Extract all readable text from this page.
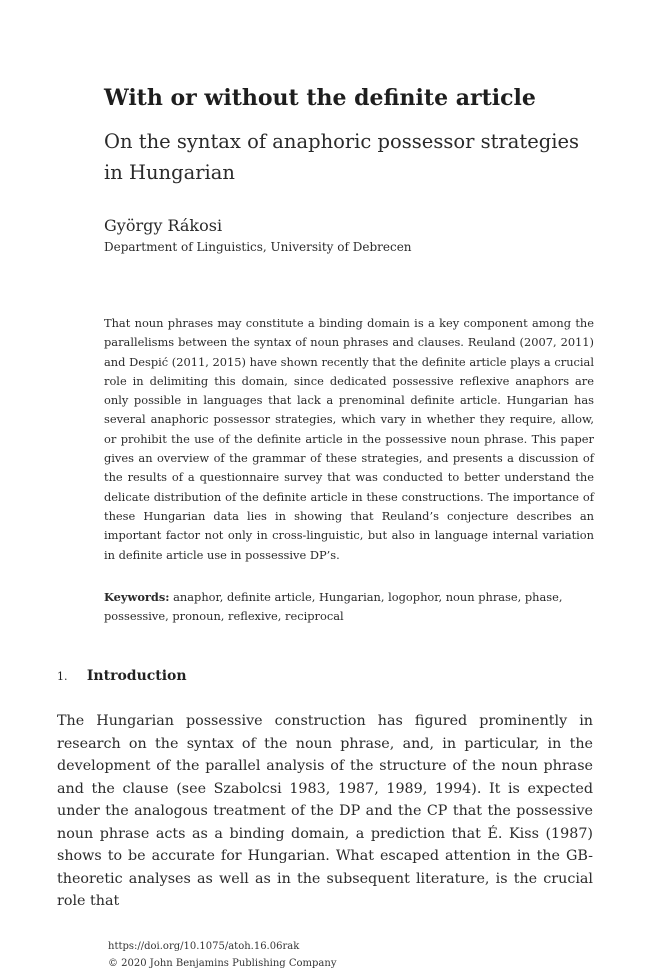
With or without the definite article
On the syntax of anaphoric possessor strategies in Hungarian
György Rákosi
Department of Linguistics, University of Debrecen

That noun phrases may constitute a binding domain is a key component among the parallelisms between the syntax of noun phrases and clauses. Reuland (2007, 2011) and Despić (2011, 2015) have shown recently that the definite article plays a crucial role in delimiting this domain, since dedicated possessive reflexive anaphors are only possible in languages that lack a prenominal definite article. Hungarian has several anaphoric possessor strategies, which vary in whether they require, allow, or prohibit the use of the definite article in the possessive noun phrase. This paper gives an overview of the grammar of these strategies, and presents a discussion of the results of a questionnaire survey that was conducted to better understand the delicate distribution of the definite article in these constructions. The importance of these Hungarian data lies in showing that Reuland’s conjecture describes an important factor not only in cross-linguistic, but also in language internal variation in definite article use in possessive DP’s.

Keywords: anaphor, definite article, Hungarian, logophor, noun phrase, phase, possessive, pronoun, reflexive, reciprocal
1. Introduction

The Hungarian possessive construction has figured prominently in research on the syntax of the noun phrase, and, in particular, in the development of the parallel analysis of the structure of the noun phrase and the clause (see Szabolcsi 1983, 1987, 1989, 1994). It is expected under the analogous treatment of the DP and the CP that the possessive noun phrase acts as a binding domain, a prediction that É. Kiss (1987) shows to be accurate for Hungarian. What escaped attention in the GB-theoretic analyses as well as in the subsequent literature, is the crucial role that

https://doi.org/10.1075/atoh.16.06rak
© 2020 John Benjamins Publishing Company
